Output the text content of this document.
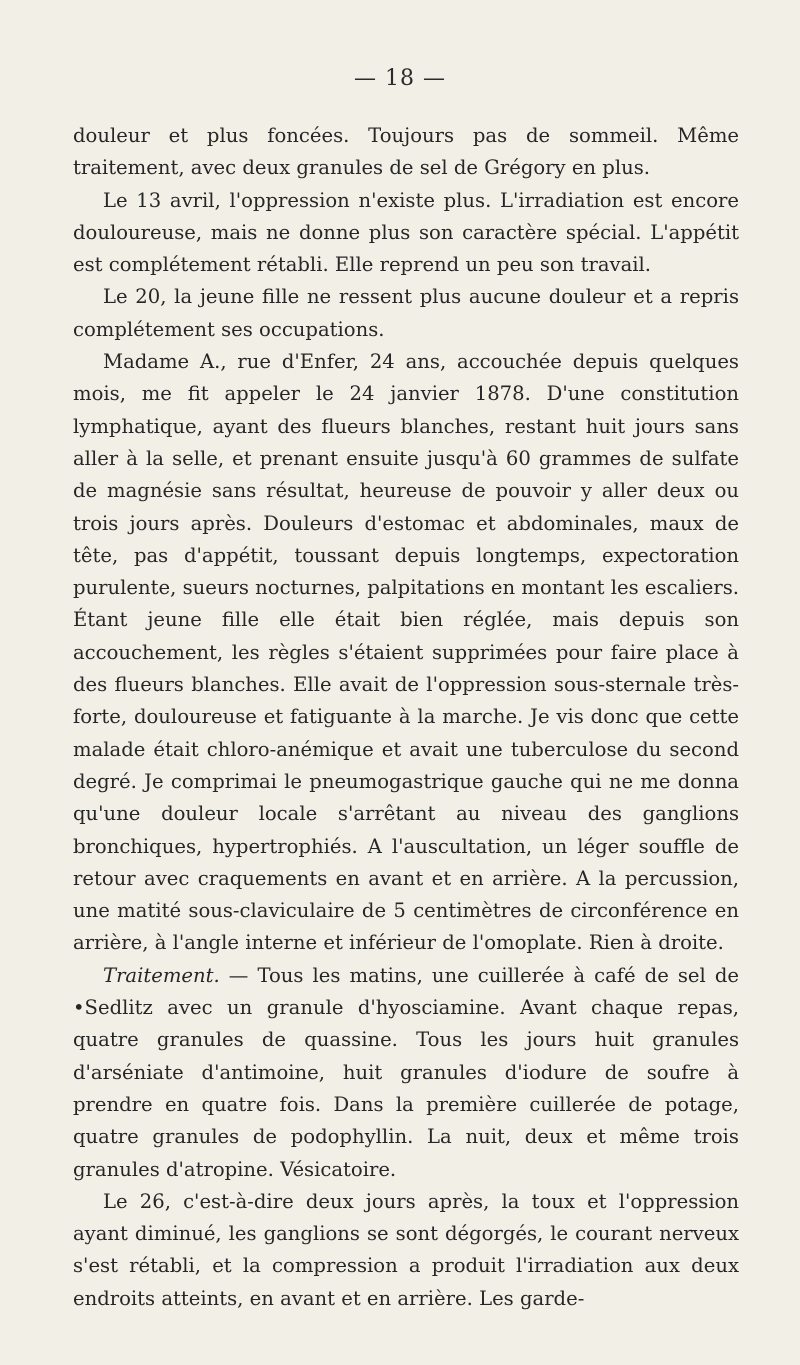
— 18 —

douleur et plus foncées. Toujours pas de sommeil. Même traitement, avec deux granules de sel de Grégory en plus.

Le 13 avril, l'oppression n'existe plus. L'irradiation est encore douloureuse, mais ne donne plus son caractère spécial. L'appétit est complétement rétabli. Elle reprend un peu son travail.

Le 20, la jeune fille ne ressent plus aucune douleur et a repris complétement ses occupations.

Madame A., rue d'Enfer, 24 ans, accouchée depuis quelques mois, me fit appeler le 24 janvier 1878. D'une constitution lymphatique, ayant des flueurs blanches, restant huit jours sans aller à la selle, et prenant ensuite jusqu'à 60 grammes de sulfate de magnésie sans résultat, heureuse de pouvoir y aller deux ou trois jours après. Douleurs d'estomac et abdominales, maux de tête, pas d'appétit, toussant depuis longtemps, expectoration purulente, sueurs nocturnes, palpitations en montant les escaliers. Étant jeune fille elle était bien réglée, mais depuis son accouchement, les règles s'étaient supprimées pour faire place à des flueurs blanches. Elle avait de l'oppression sous-sternale très-forte, douloureuse et fatiguante à la marche. Je vis donc que cette malade était chloro-anémique et avait une tuberculose du second degré. Je comprimai le pneumogastrique gauche qui ne me donna qu'une douleur locale s'arrêtant au niveau des ganglions bronchiques, hypertrophiés. A l'auscultation, un léger souffle de retour avec craquements en avant et en arrière. A la percussion, une matité sous-claviculaire de 5 centimètres de circonférence en arrière, à l'angle interne et inférieur de l'omoplate. Rien à droite.

Traitement. — Tous les matins, une cuillerée à café de sel de •Sedlitz avec un granule d'hyosciamine. Avant chaque repas, quatre granules de quassine. Tous les jours huit granules d'arséniate d'antimoine, huit granules d'iodure de soufre à prendre en quatre fois. Dans la première cuillerée de potage, quatre granules de podophyllin. La nuit, deux et même trois granules d'atropine. Vésicatoire.

Le 26, c'est-à-dire deux jours après, la toux et l'oppression ayant diminué, les ganglions se sont dégorgés, le courant nerveux s'est rétabli, et la compression a produit l'irradiation aux deux endroits atteints, en avant et en arrière. Les garde-
